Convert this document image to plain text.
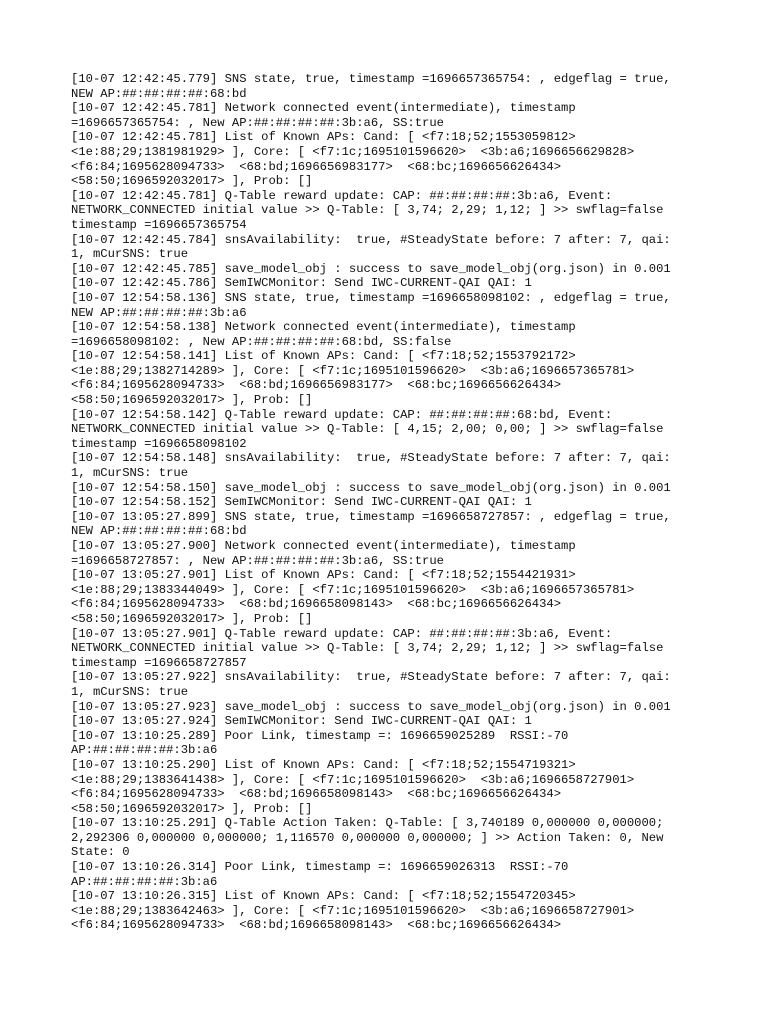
[10-07 12:42:45.779] SNS state, true, timestamp =1696657365754: , edgeflag = true,
NEW AP:##:##:##:##:68:bd
[10-07 12:42:45.781] Network connected event(intermediate), timestamp
=1696657365754: , New AP:##:##:##:##:3b:a6, SS:true
[10-07 12:42:45.781] List of Known APs: Cand: [ <f7:18;52;1553059812>
<1e:88;29;1381981929> ], Core: [ <f7:1c;1695101596620>  <3b:a6;1696656629828>
<f6:84;1695628094733>  <68:bd;1696656983177>  <68:bc;1696656626434>
<58:50;1696592032017> ], Prob: []
[10-07 12:42:45.781] Q-Table reward update: CAP: ##:##:##:##:3b:a6, Event:
NETWORK_CONNECTED initial value >> Q-Table: [ 3,74; 2,29; 1,12; ] >> swflag=false
timestamp =1696657365754
[10-07 12:42:45.784] snsAvailability:  true, #SteadyState before: 7 after: 7, qai:
1, mCurSNS: true
[10-07 12:42:45.785] save_model_obj : success to save_model_obj(org.json) in 0.001
[10-07 12:42:45.786] SemIWCMonitor: Send IWC-CURRENT-QAI QAI: 1
[10-07 12:54:58.136] SNS state, true, timestamp =1696658098102: , edgeflag = true,
NEW AP:##:##:##:##:3b:a6
[10-07 12:54:58.138] Network connected event(intermediate), timestamp
=1696658098102: , New AP:##:##:##:##:68:bd, SS:false
[10-07 12:54:58.141] List of Known APs: Cand: [ <f7:18;52;1553792172>
<1e:88;29;1382714289> ], Core: [ <f7:1c;1695101596620>  <3b:a6;1696657365781>
<f6:84;1695628094733>  <68:bd;1696656983177>  <68:bc;1696656626434>
<58:50;1696592032017> ], Prob: []
[10-07 12:54:58.142] Q-Table reward update: CAP: ##:##:##:##:68:bd, Event:
NETWORK_CONNECTED initial value >> Q-Table: [ 4,15; 2,00; 0,00; ] >> swflag=false
timestamp =1696658098102
[10-07 12:54:58.148] snsAvailability:  true, #SteadyState before: 7 after: 7, qai:
1, mCurSNS: true
[10-07 12:54:58.150] save_model_obj : success to save_model_obj(org.json) in 0.001
[10-07 12:54:58.152] SemIWCMonitor: Send IWC-CURRENT-QAI QAI: 1
[10-07 13:05:27.899] SNS state, true, timestamp =1696658727857: , edgeflag = true,
NEW AP:##:##:##:##:68:bd
[10-07 13:05:27.900] Network connected event(intermediate), timestamp
=1696658727857: , New AP:##:##:##:##:3b:a6, SS:true
[10-07 13:05:27.901] List of Known APs: Cand: [ <f7:18;52;1554421931>
<1e:88;29;1383344049> ], Core: [ <f7:1c;1695101596620>  <3b:a6;1696657365781>
<f6:84;1695628094733>  <68:bd;1696658098143>  <68:bc;1696656626434>
<58:50;1696592032017> ], Prob: []
[10-07 13:05:27.901] Q-Table reward update: CAP: ##:##:##:##:3b:a6, Event:
NETWORK_CONNECTED initial value >> Q-Table: [ 3,74; 2,29; 1,12; ] >> swflag=false
timestamp =1696658727857
[10-07 13:05:27.922] snsAvailability:  true, #SteadyState before: 7 after: 7, qai:
1, mCurSNS: true
[10-07 13:05:27.923] save_model_obj : success to save_model_obj(org.json) in 0.001
[10-07 13:05:27.924] SemIWCMonitor: Send IWC-CURRENT-QAI QAI: 1
[10-07 13:10:25.289] Poor Link, timestamp =: 1696659025289  RSSI:-70
AP:##:##:##:##:3b:a6
[10-07 13:10:25.290] List of Known APs: Cand: [ <f7:18;52;1554719321>
<1e:88;29;1383641438> ], Core: [ <f7:1c;1695101596620>  <3b:a6;1696658727901>
<f6:84;1695628094733>  <68:bd;1696658098143>  <68:bc;1696656626434>
<58:50;1696592032017> ], Prob: []
[10-07 13:10:25.291] Q-Table Action Taken: Q-Table: [ 3,740189 0,000000 0,000000;
2,292306 0,000000 0,000000; 1,116570 0,000000 0,000000; ] >> Action Taken: 0, New
State: 0
[10-07 13:10:26.314] Poor Link, timestamp =: 1696659026313  RSSI:-70
AP:##:##:##:##:3b:a6
[10-07 13:10:26.315] List of Known APs: Cand: [ <f7:18;52;1554720345>
<1e:88;29;1383642463> ], Core: [ <f7:1c;1695101596620>  <3b:a6;1696658727901>
<f6:84;1695628094733>  <68:bd;1696658098143>  <68:bc;1696656626434>
